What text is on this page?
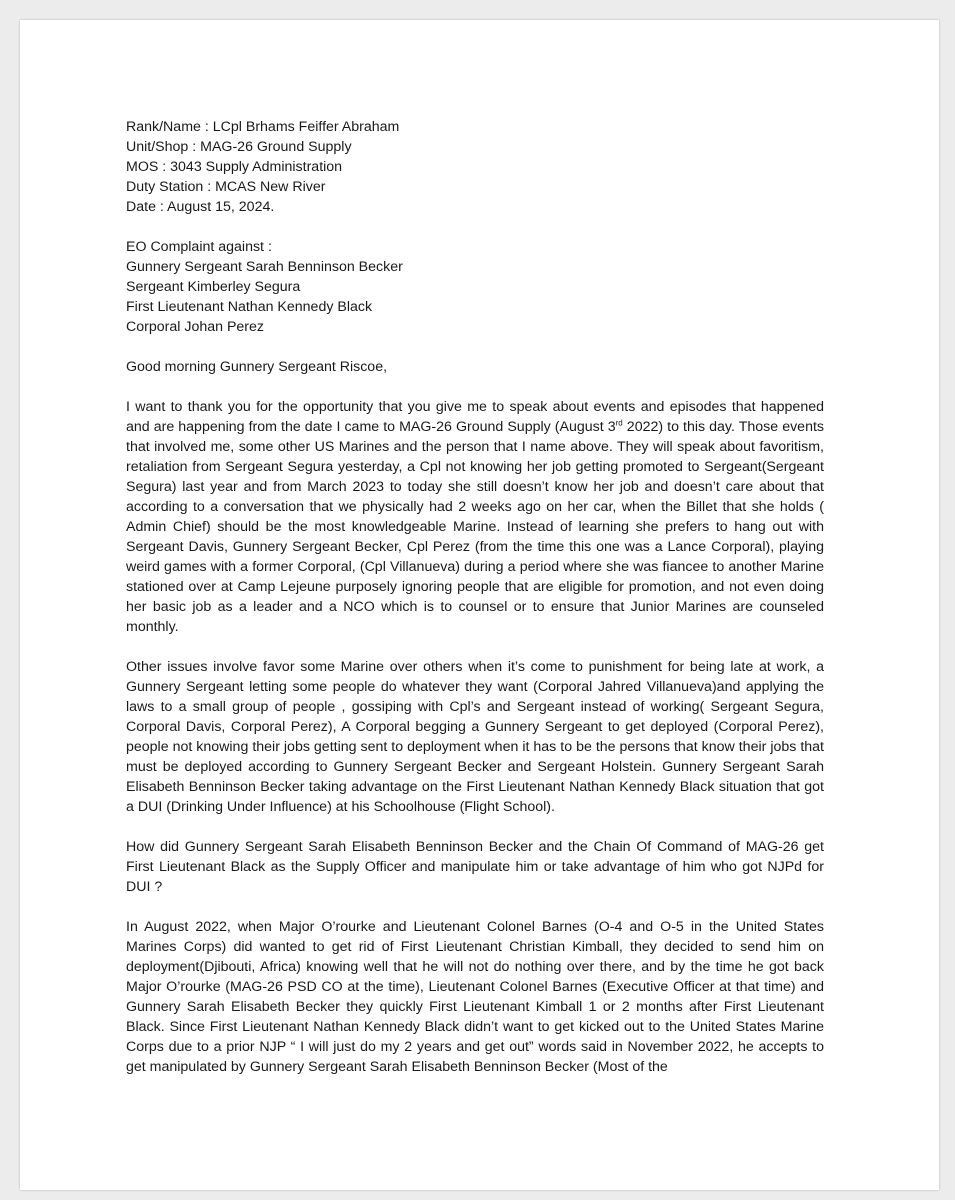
Rank/Name : LCpl Brhams Feiffer Abraham
Unit/Shop : MAG-26 Ground Supply
MOS : 3043 Supply Administration
Duty Station : MCAS New River
Date : August 15, 2024.
EO Complaint against :
Gunnery Sergeant Sarah Benninson Becker
Sergeant Kimberley Segura
First Lieutenant Nathan Kennedy Black
Corporal Johan Perez
Good morning Gunnery Sergeant Riscoe,

I want to thank you for the opportunity that you give me to speak about events and episodes that happened and are happening from the date I came to MAG-26 Ground Supply (August 3rd 2022) to this day. Those events that involved me, some other US Marines and the person that I name above. They will speak about favoritism, retaliation from Sergeant Segura yesterday, a Cpl not knowing her job getting promoted to Sergeant(Sergeant Segura) last year and from March 2023 to today she still doesn’t know her job and doesn’t care about that according to a conversation that we physically had 2 weeks ago on her car, when the Billet that she holds ( Admin Chief) should be the most knowledgeable Marine. Instead of learning she prefers to hang out with Sergeant Davis, Gunnery Sergeant Becker, Cpl Perez (from the time this one was a Lance Corporal), playing weird games with a former Corporal, (Cpl Villanueva) during a period where she was fiancee to another Marine stationed over at Camp Lejeune purposely ignoring people that are eligible for promotion, and not even doing her basic job as a leader and a NCO which is to counsel or to ensure that Junior Marines are counseled monthly.

Other issues involve favor some Marine over others when it’s come to punishment for being late at work, a Gunnery Sergeant letting some people do whatever they want (Corporal Jahred Villanueva)and applying the laws to a small group of people , gossiping with Cpl’s and Sergeant instead of working( Sergeant Segura, Corporal Davis, Corporal Perez), A Corporal begging a Gunnery Sergeant to get deployed (Corporal Perez), people not knowing their jobs getting sent to deployment when it has to be the persons that know their jobs that must be deployed according to Gunnery Sergeant Becker and Sergeant Holstein. Gunnery Sergeant Sarah Elisabeth Benninson Becker taking advantage on the First Lieutenant Nathan Kennedy Black situation that got a DUI (Drinking Under Influence) at his Schoolhouse (Flight School).

How did Gunnery Sergeant Sarah Elisabeth Benninson Becker and the Chain Of Command of MAG-26 get First Lieutenant Black as the Supply Officer and manipulate him or take advantage of him who got NJPd for DUI ?

In August 2022, when Major O’rourke and Lieutenant Colonel Barnes (O-4 and O-5 in the United States Marines Corps) did wanted to get rid of First Lieutenant Christian Kimball, they decided to send him on deployment(Djibouti, Africa) knowing well that he will not do nothing over there, and by the time he got back Major O’rourke (MAG-26 PSD CO at the time), Lieutenant Colonel Barnes (Executive Officer at that time) and Gunnery Sarah Elisabeth Becker they quickly First Lieutenant Kimball 1 or 2 months after First Lieutenant Black. Since First Lieutenant Nathan Kennedy Black didn’t want to get kicked out to the United States Marine Corps due to a prior NJP “ I will just do my 2 years and get out” words said in November 2022, he accepts to get manipulated by Gunnery Sergeant Sarah Elisabeth Benninson Becker (Most of the
